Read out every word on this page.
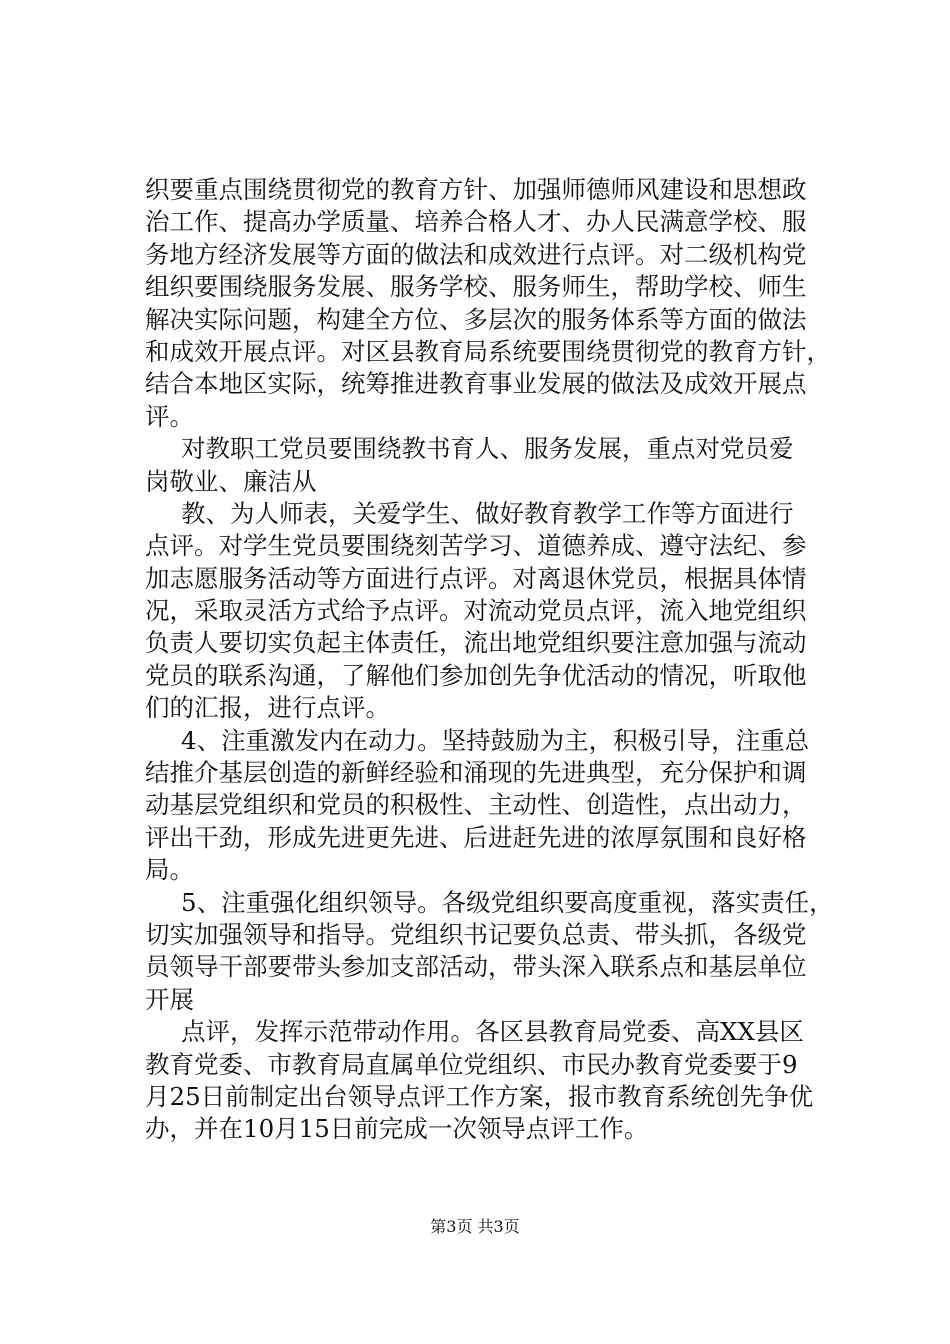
织要重点围绕贯彻党的教育方针、加强师德师风建设和思想政
治工作、提高办学质量、培养合格人才、办人民满意学校、服
务地方经济发展等方面的做法和成效进行点评。对二级机构党
组织要围绕服务发展、服务学校、服务师生，帮助学校、师生
解决实际问题，构建全方位、多层次的服务体系等方面的做法
和成效开展点评。对区县教育局系统要围绕贯彻党的教育方针，
结合本地区实际，统筹推进教育事业发展的做法及成效开展点
评。
对教职工党员要围绕教书育人、服务发展，重点对党员爱
岗敬业、廉洁从
教、为人师表，关爱学生、做好教育教学工作等方面进行
点评。对学生党员要围绕刻苦学习、道德养成、遵守法纪、参
加志愿服务活动等方面进行点评。对离退休党员，根据具体情
况，采取灵活方式给予点评。对流动党员点评，流入地党组织
负责人要切实负起主体责任，流出地党组织要注意加强与流动
党员的联系沟通，了解他们参加创先争优活动的情况，听取他
们的汇报，进行点评。
4、注重激发内在动力。坚持鼓励为主，积极引导，注重总
结推介基层创造的新鲜经验和涌现的先进典型，充分保护和调
动基层党组织和党员的积极性、主动性、创造性，点出动力，
评出干劲，形成先进更先进、后进赶先进的浓厚氛围和良好格
局。
5、注重强化组织领导。各级党组织要高度重视，落实责任，
切实加强领导和指导。党组织书记要负总责、带头抓，各级党
员领导干部要带头参加支部活动，带头深入联系点和基层单位
开展
点评，发挥示范带动作用。各区县教育局党委、高XX县区
教育党委、市教育局直属单位党组织、市民办教育党委要于9
月25日前制定出台领导点评工作方案，报市教育系统创先争优
办，并在10月15日前完成一次领导点评工作。
第3页 共3页
